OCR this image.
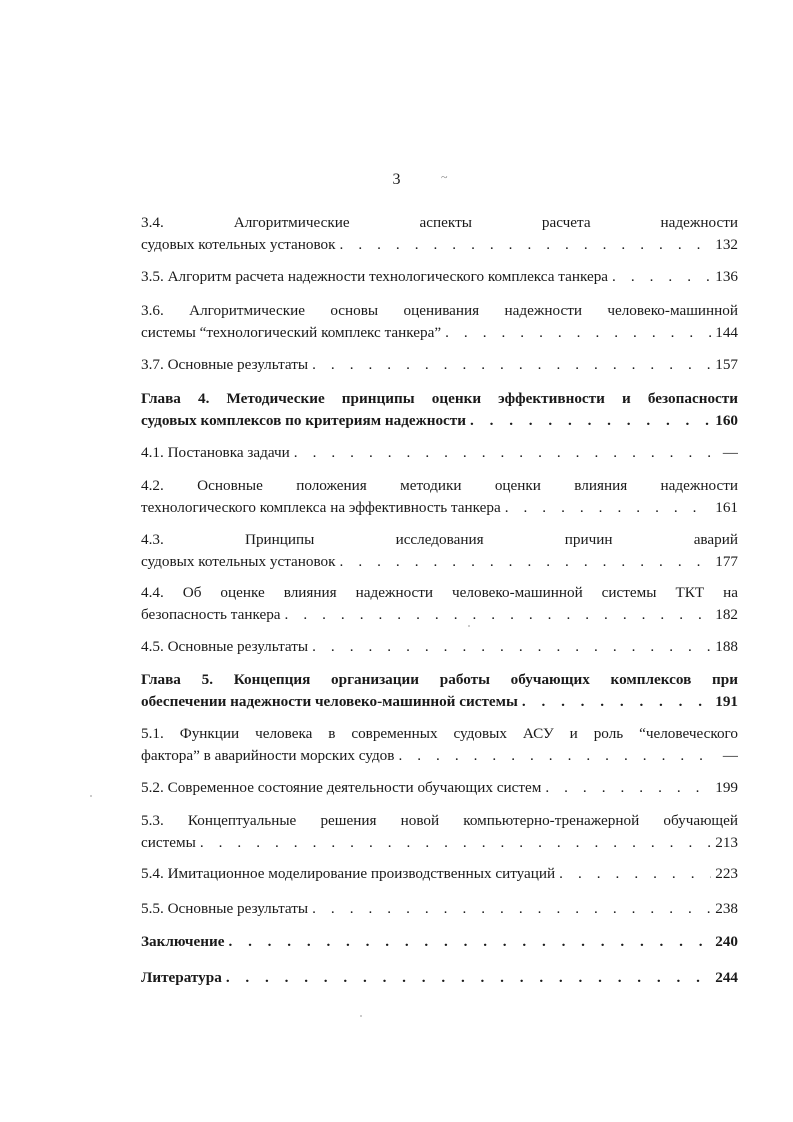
3	~
3.4. Алгоритмические аспекты расчета надежности
судовых котельных установок . . .	132
3.5. Алгоритм расчета надежности технологического комплекса танкера . . .	136
3.6. Алгоритмические основы оценивания надежности человеко-машинной
системы “технологический комплекс танкера” . . .	144
3.7. Основные результаты . . .	157
Глава 4. Методические принципы оценки эффективности и безопасности
судовых комплексов по критериям надежности . . .	160
4.1. Постановка задачи . . .	—
4.2. Основные положения методики оценки влияния надежности
технологического комплекса на эффективность танкера . . .	161
4.3. Принципы исследования причин аварий
судовых котельных установок . . .	177
4.4. Об оценке влияния надежности человеко-машинной системы ТКТ на
безопасность танкера . . .	182
4.5. Основные результаты . . .	188
Глава 5. Концепция организации работы обучающих комплексов при
обеспечении надежности человеко-машинной системы . . .	191
5.1. Функции человека в современных судовых АСУ и роль “человеческого
фактора” в аварийности морских судов . . .	—
5.2. Современное состояние деятельности обучающих систем . . .	199
5.3. Концептуальные решения новой компьютерно-тренажерной обучающей
системы . . .	213
5.4. Имитационное моделирование производственных ситуаций . . .	223
5.5. Основные результаты . . .	238
Заключение . . .	240
Литература . . .	244
